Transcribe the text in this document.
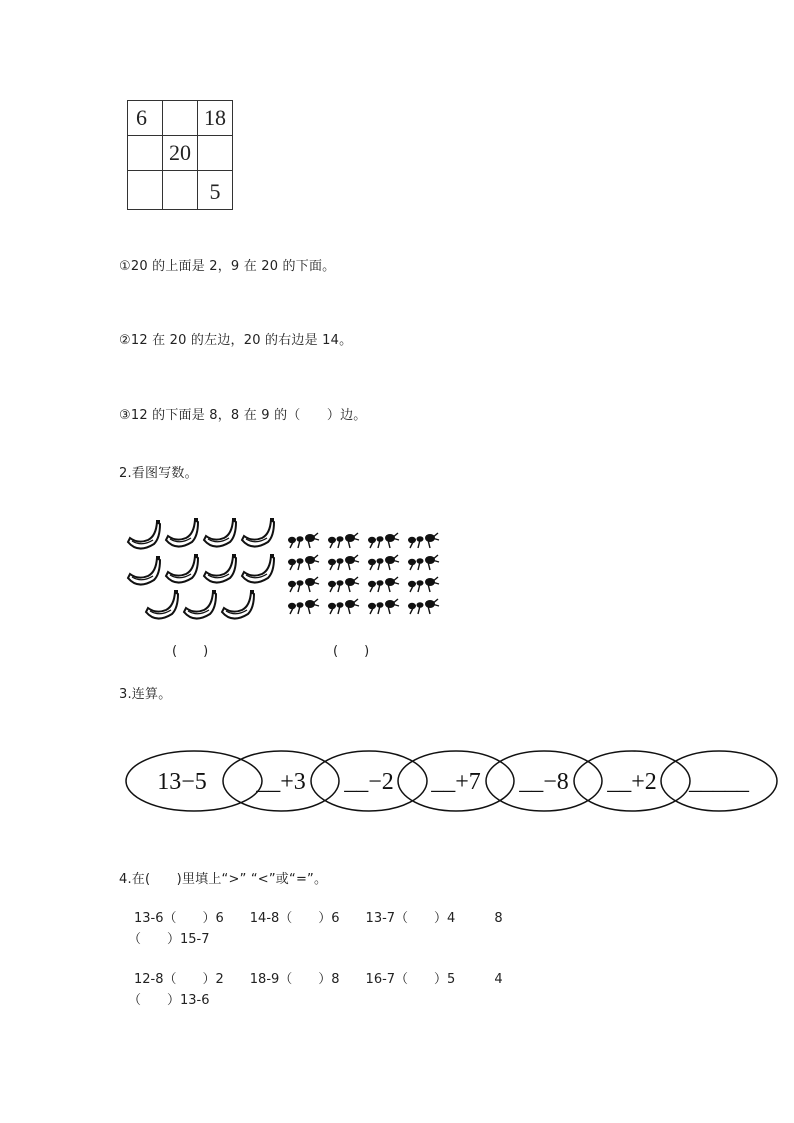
6		18
	20	
		5
①20 的上面是 2，9 在 20 的下面。
②12 在 20 的左边，20 的右边是 14。
③12 的下面是 8，8 在 9 的（　　）边。
2.看图写数。
(　　)	(　　)
3.连算。
13−5 __+3 __−2 __+7 __−8 __+2 _____
4.在(　　)里填上“>” “<”或“=”。
13-6（　　）6　　14-8（　　）6　　13-7（　　）4　　　8
（　　）15-7
12-8（　　）2　　18-9（　　）8　　16-7（　　）5　　　4
（　　）13-6
